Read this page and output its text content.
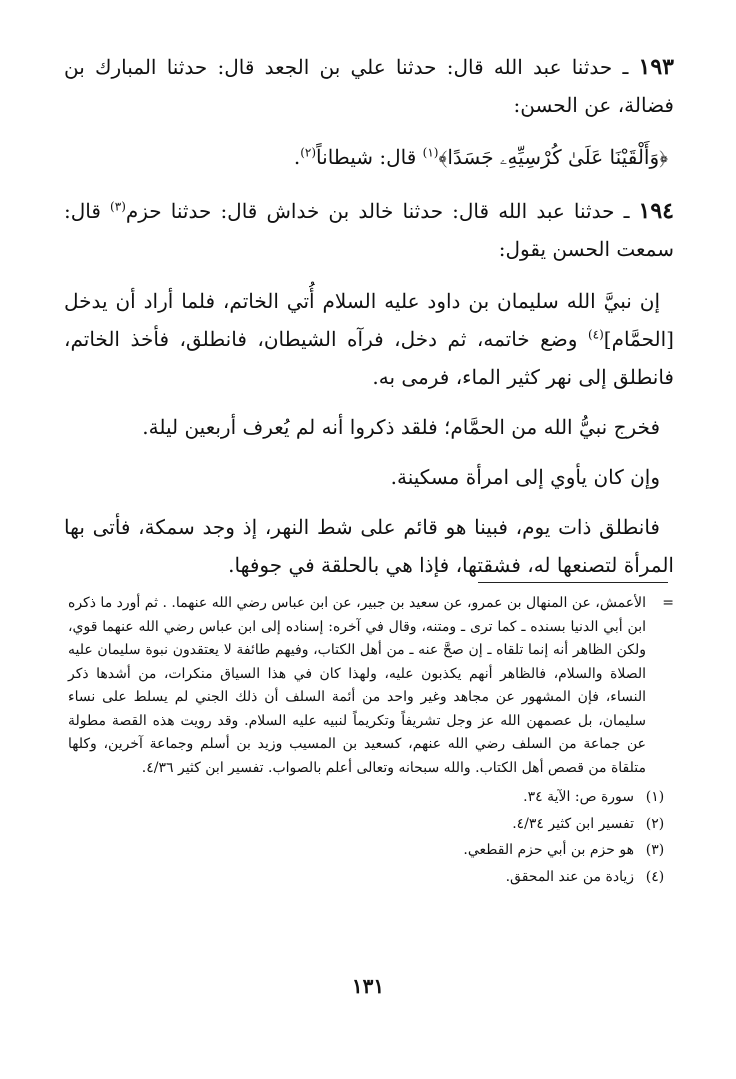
١٩٣ ـ حدثنا عبد الله قال: حدثنا علي بن الجعد قال: حدثنا المبارك بن فضالة، عن الحسن:

﴿وَأَلْقَيْنَا عَلَىٰ كُرْسِيِّهِۦ جَسَدًا﴾$^{(١)}$ قال: شيطاناً$^{(٢)}$.

١٩٤ ـ حدثنا عبد الله قال: حدثنا خالد بن خداش قال: حدثنا حزم$^{(٣)}$ قال: سمعت الحسن يقول:

إن نبيَّ الله سليمان بن داود عليه السلام أُتي الخاتم، فلما أراد أن يدخل [الحمَّام]$^{(٤)}$ وضع خاتمه، ثم دخل، فرآه الشيطان، فانطلق، فأخذ الخاتم، فانطلق إلى نهر كثير الماء، فرمى به.

فخرج نبيُّ الله من الحمَّام؛ فلقد ذكروا أنه لم يُعرف أربعين ليلة.

وإن كان يأوي إلى امرأة مسكينة.

فانطلق ذات يوم، فبينا هو قائم على شط النهر، إذ وجد سمكة، فأتى بها المرأة لتصنعها له، فشقتها، فإذا هي بالحلقة في جوفها.

=
الأعمش، عن المنهال بن عمرو، عن سعيد بن جبير، عن ابن عباس رضي الله عنهما. . ثم أورد ما ذكره ابن أبي الدنيا بسنده ـ كما ترى ـ ومتنه، وقال في آخره: إسناده إلى ابن عباس رضي الله عنهما قوي، ولكن الظاهر أنه إنما تلقاه ـ إن صحَّ عنه ـ من أهل الكتاب، وفيهم طائفة لا يعتقدون نبوة سليمان عليه الصلاة والسلام، فالظاهر أنهم يكذبون عليه، ولهذا كان في هذا السياق منكرات، من أشدها ذكر النساء، فإن المشهور عن مجاهد وغير واحد من أئمة السلف أن ذلك الجني لم يسلط على نساء سليمان، بل عصمهن الله عز وجل تشريفاً وتكريماً لنبيه عليه السلام. وقد رويت هذه القصة مطولة عن جماعة من السلف رضي الله عنهم، كسعيد بن المسيب وزيد بن أسلم وجماعة آخرين، وكلها متلقاة من قصص أهل الكتاب. والله سبحانه وتعالى أعلم بالصواب. تفسير ابن كثير ٤/٣٦.
(١)
سورة ص: الآية ٣٤.
(٢)
تفسير ابن كثير ٤/٣٤.
(٣)
هو حزم بن أبي حزم القطعي.
(٤)
زيادة من عند المحقق.
١٣١
